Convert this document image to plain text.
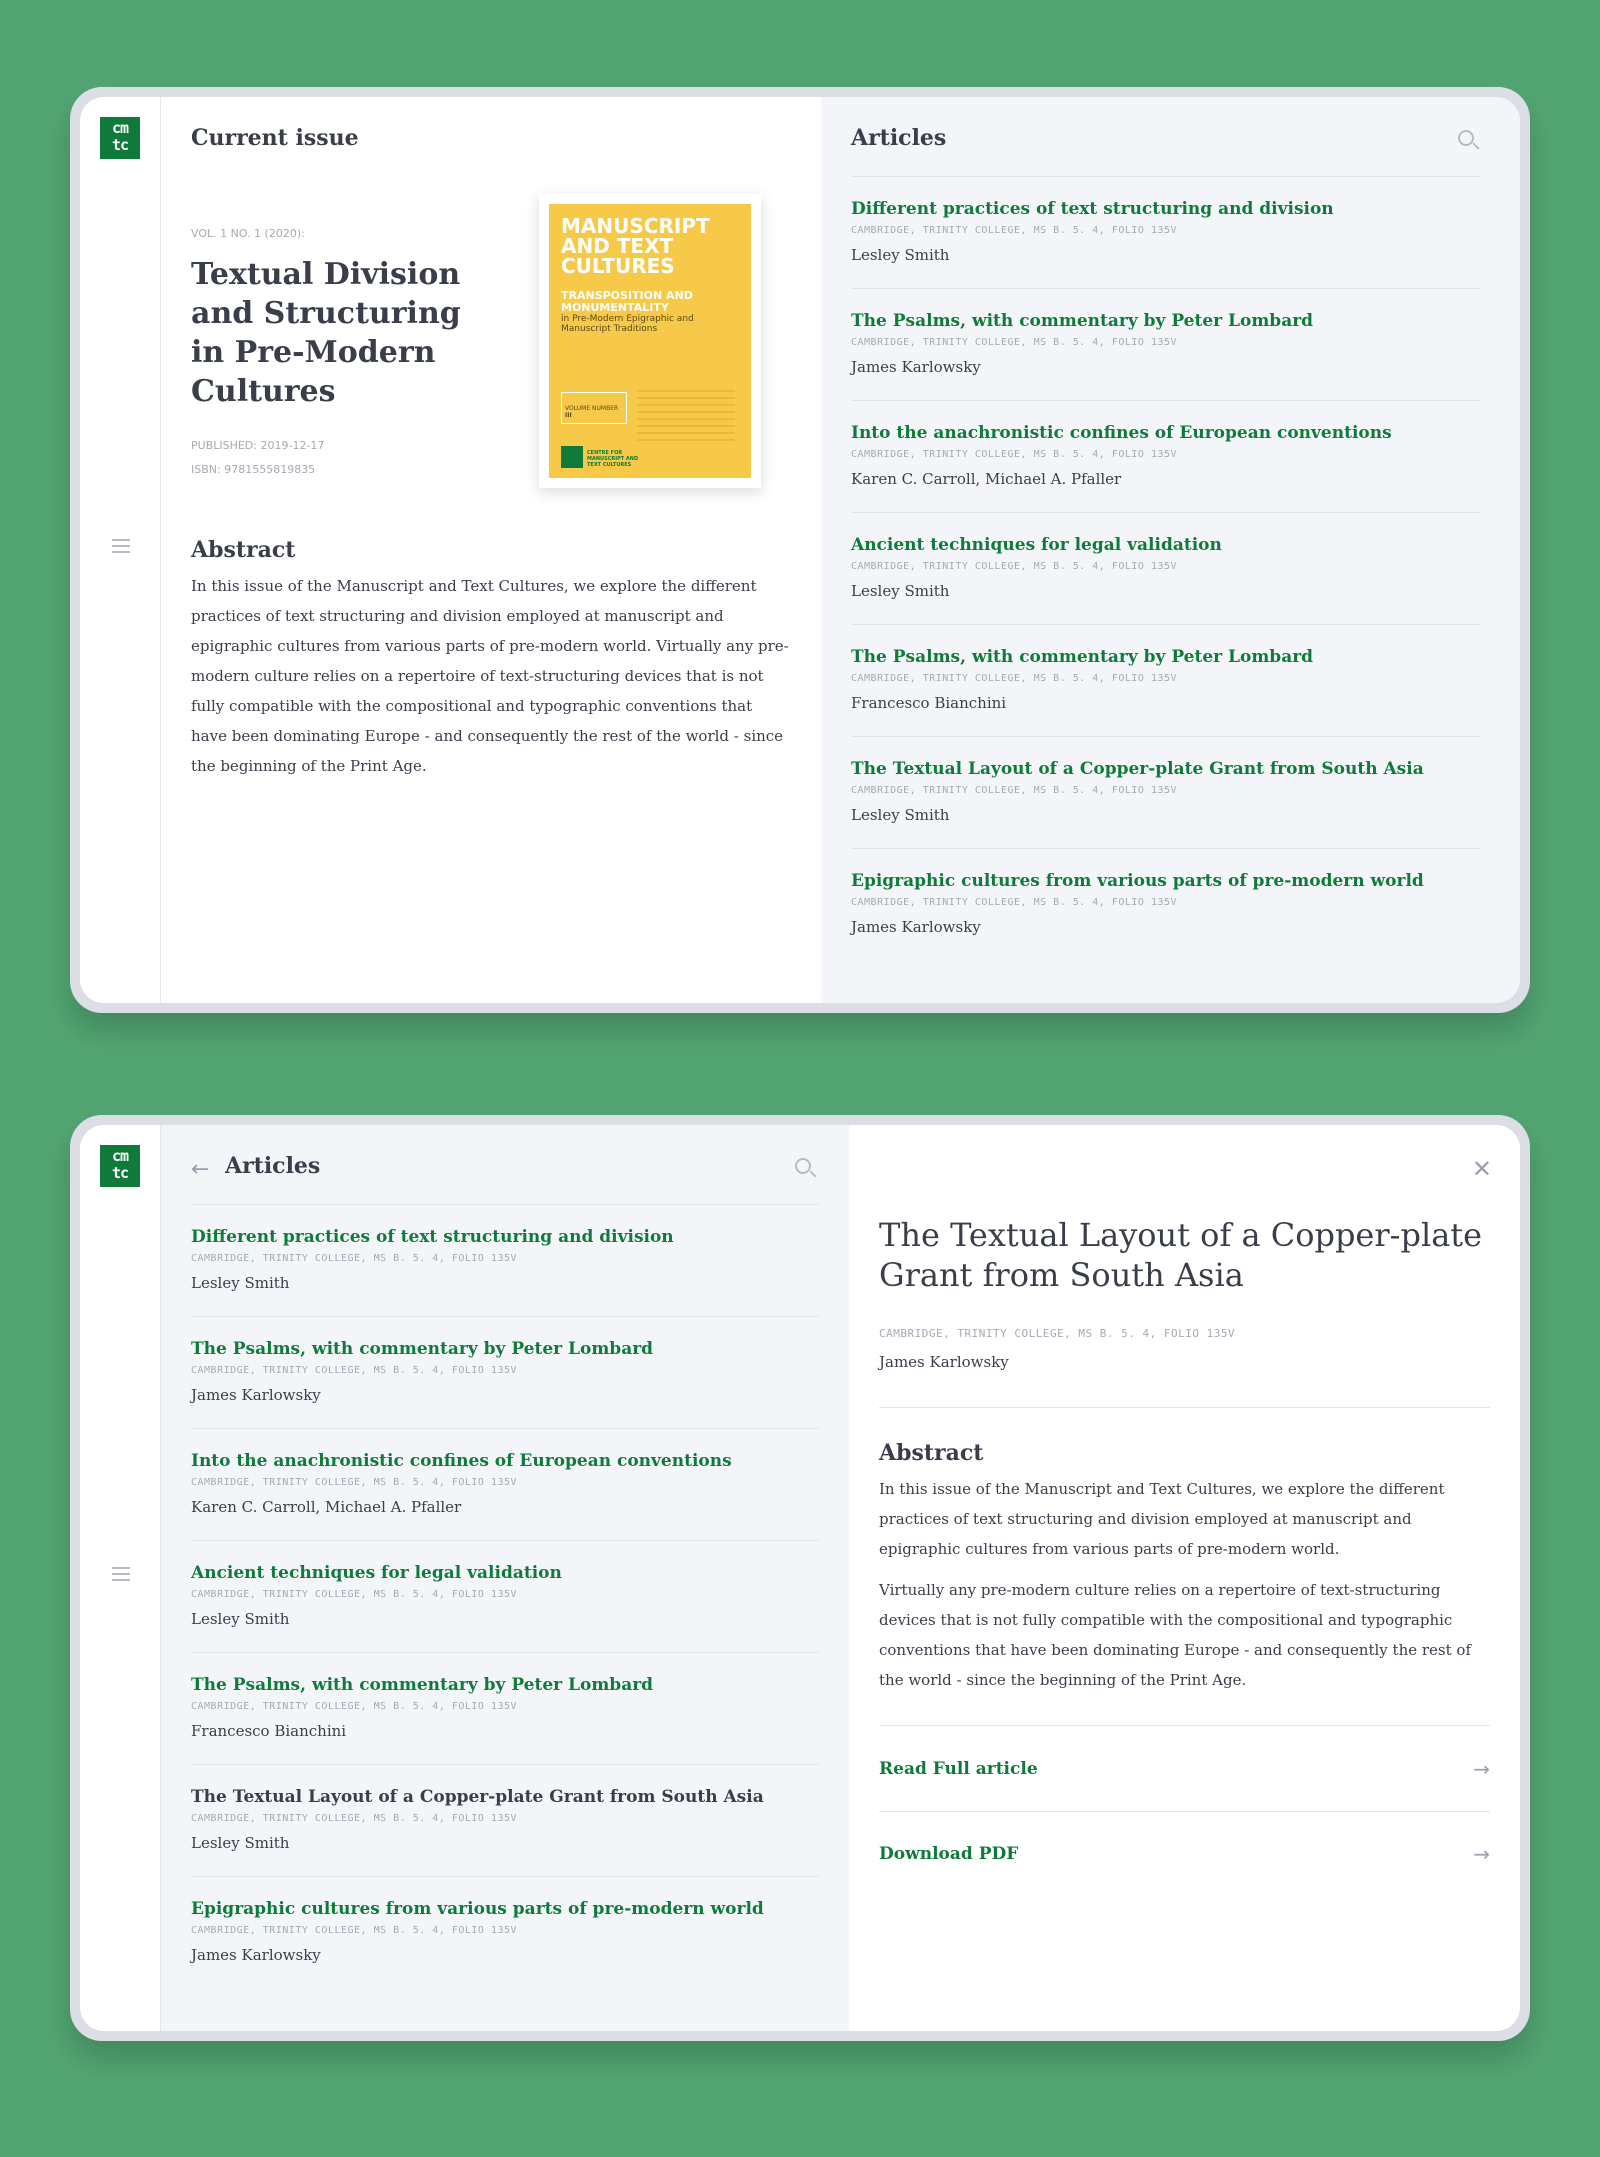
cm tc	Current issue
VOL. 1 NO. 1 (2020):
Textual Division and Structuring in Pre-Modern Cultures
PUBLISHED: 2019-12-17
ISBN: 9781555819835
MANUSCRIPT AND TEXT CULTURES
TRANSPOSITION AND MONUMENTALITY
in Pre-Modern Epigraphic and Manuscript Traditions
VOLUME NUMBER III
CENTRE FOR MANUSCRIPT AND TEXT CULTURES
Abstract
In this issue of the Manuscript and Text Cultures, we explore the different practices of text structuring and division employed at manuscript and epigraphic cultures from various parts of pre-modern world. Virtually any pre-modern culture relies on a repertoire of text-structuring devices that is not fully compatible with the compositional and typographic conventions that have been dominating Europe - and consequently the rest of the world - since the beginning of the Print Age.
Articles
Different practices of text structuring and division
CAMBRIDGE, TRINITY COLLEGE, MS B. 5. 4, FOLIO 135V
Lesley Smith
The Psalms, with commentary by Peter Lombard
CAMBRIDGE, TRINITY COLLEGE, MS B. 5. 4, FOLIO 135V
James Karlowsky
Into the anachronistic confines of European conventions
CAMBRIDGE, TRINITY COLLEGE, MS B. 5. 4, FOLIO 135V
Karen C. Carroll, Michael A. Pfaller
Ancient techniques for legal validation
CAMBRIDGE, TRINITY COLLEGE, MS B. 5. 4, FOLIO 135V
Lesley Smith
The Psalms, with commentary by Peter Lombard
CAMBRIDGE, TRINITY COLLEGE, MS B. 5. 4, FOLIO 135V
Francesco Bianchini
The Textual Layout of a Copper-plate Grant from South Asia
CAMBRIDGE, TRINITY COLLEGE, MS B. 5. 4, FOLIO 135V
Lesley Smith
Epigraphic cultures from various parts of pre-modern world
CAMBRIDGE, TRINITY COLLEGE, MS B. 5. 4, FOLIO 135V
James Karlowsky
cm tc	← Articles
Different practices of text structuring and division
CAMBRIDGE, TRINITY COLLEGE, MS B. 5. 4, FOLIO 135V
Lesley Smith
The Psalms, with commentary by Peter Lombard
CAMBRIDGE, TRINITY COLLEGE, MS B. 5. 4, FOLIO 135V
James Karlowsky
Into the anachronistic confines of European conventions
CAMBRIDGE, TRINITY COLLEGE, MS B. 5. 4, FOLIO 135V
Karen C. Carroll, Michael A. Pfaller
Ancient techniques for legal validation
CAMBRIDGE, TRINITY COLLEGE, MS B. 5. 4, FOLIO 135V
Lesley Smith
The Psalms, with commentary by Peter Lombard
CAMBRIDGE, TRINITY COLLEGE, MS B. 5. 4, FOLIO 135V
Francesco Bianchini
The Textual Layout of a Copper-plate Grant from South Asia
CAMBRIDGE, TRINITY COLLEGE, MS B. 5. 4, FOLIO 135V
Lesley Smith
Epigraphic cultures from various parts of pre-modern world
CAMBRIDGE, TRINITY COLLEGE, MS B. 5. 4, FOLIO 135V
James Karlowsky
✕
The Textual Layout of a Copper-plate Grant from South Asia
CAMBRIDGE, TRINITY COLLEGE, MS B. 5. 4, FOLIO 135V
James Karlowsky
Abstract
In this issue of the Manuscript and Text Cultures, we explore the different practices of text structuring and division employed at manuscript and epigraphic cultures from various parts of pre-modern world.
Virtually any pre-modern culture relies on a repertoire of text-structuring devices that is not fully compatible with the compositional and typographic conventions that have been dominating Europe - and consequently the rest of the world - since the beginning of the Print Age.
Read Full article	→
Download PDF	→
